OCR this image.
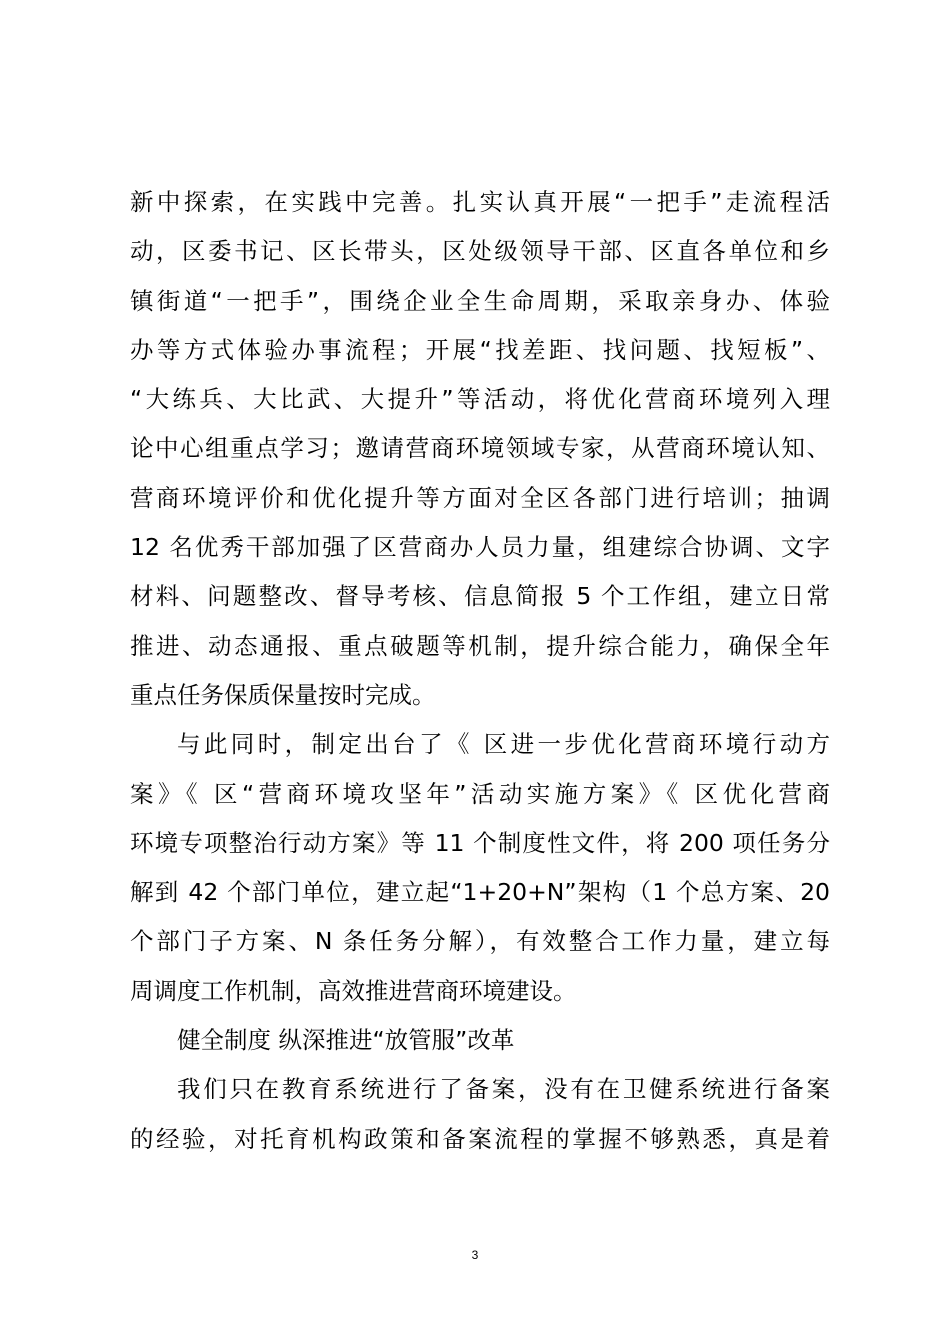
新中探索，在实践中完善。扎实认真开展“一把手”走流程活
动，区委书记、区长带头，区处级领导干部、区直各单位和乡
镇街道“一把手”，围绕企业全生命周期，采取亲身办、体验
办等方式体验办事流程；开展“找差距、找问题、找短板”、
“大练兵、大比武、大提升”等活动，将优化营商环境列入理
论中心组重点学习；邀请营商环境领域专家，从营商环境认知、
营商环境评价和优化提升等方面对全区各部门进行培训；抽调
12 名优秀干部加强了区营商办人员力量，组建综合协调、文字
材料、问题整改、督导考核、信息简报 5 个工作组，建立日常
推进、动态通报、重点破题等机制，提升综合能力，确保全年
重点任务保质保量按时完成。
与此同时，制定出台了《 区进一步优化营商环境行动方
案》《 区“营商环境攻坚年”活动实施方案》《 区优化营商
环境专项整治行动方案》等 11 个制度性文件，将 200 项任务分
解到 42 个部门单位，建立起“1+20+N”架构（1 个总方案、20
个部门子方案、N 条任务分解），有效整合工作力量，建立每
周调度工作机制，高效推进营商环境建设。
健全制度 纵深推进“放管服”改革
我们只在教育系统进行了备案，没有在卫健系统进行备案
的经验，对托育机构政策和备案流程的掌握不够熟悉，真是着
3
